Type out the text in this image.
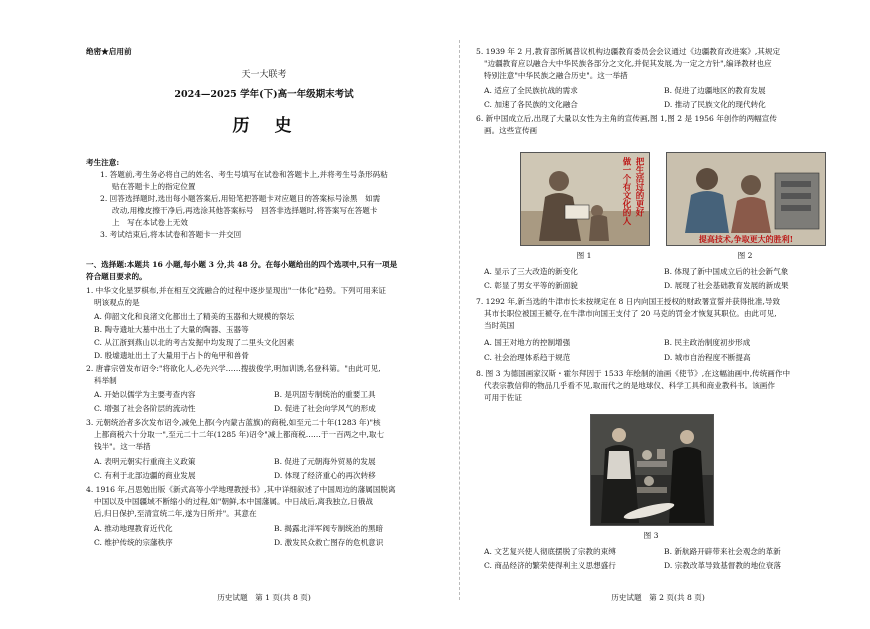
绝密★启用前
天一大联考
2024—2025 学年(下)高一年级期末考试
历　史
考生注意:
1. 答题前,考生务必将自己的姓名、考生号填写在试卷和答题卡上,并将考生号条形码粘
贴在答题卡上的指定位置
2. 回答选择题时,选出每小题答案后,用铅笔把答题卡对应题目的答案标号涂黑　如需
改动,用橡皮擦干净后,再选涂其他答案标号　回答非选择题时,将答案写在答题卡
上　写在本试卷上无效
3. 考试结束后,将本试卷和答题卡一并交回
一、选择题:本题共 16 小题,每小题 3 分,共 48 分。在每小题给出的四个选项中,只有一项是
符合题目要求的。
1. 中华文化星罗棋布,并在相互交流融合的过程中逐步显现出"一体化"趋势。下列可用来证
明该观点的是
A. 仰韶文化和良渚文化都出土了精美的玉器和大规模的祭坛
B. 陶寺遗址大墓中出土了大量的陶器、玉器等
C. 从江浙到燕山以北的考古发掘中均发现了二里头文化因素
D. 殷墟遗址出土了大量用于占卜的龟甲和兽骨
2. 唐睿宗曾发布诏令:"将欲化人,必先兴学……搜拔俊学,明加训诱,名登科第。"由此可见,
科举制
A. 开始以儒学为主要考查内容	B. 是巩固专制统治的重要工具
C. 增强了社会各阶层的流动性	D. 促进了社会向学风气的形成
3. 元朝统治者多次发布诏令,减免上都(今内蒙古蓝旗)的商税,如至元二十年(1283 年)"核
上都商税六十分取一",至元二十二年(1285 年)诏令"减上都商税……于一百两之中,取七
钱半"。这一举措
A. 表明元朝实行重商主义政策	B. 促进了元朝海外贸易的发展
C. 有利于北部边疆的商业发展	D. 体现了经济重心的再次转移
4. 1916 年,吕思勉出版《新式高等小学地理教授书》,其中详细叙述了中国周边的藩属国脱离
中国以及中国疆域不断缩小的过程,如"朝鲜,本中国藩属。中日战后,离我独立,日俄战
后,归日保护,至清宣统二年,遂为日所并"。其意在
A. 推动地理教育近代化	B. 揭露北洋军阀专制统治的黑暗
C. 维护传统的宗藩秩序	D. 激发民众救亡图存的危机意识
历史试题　第 1 页(共 8 页)
5. 1939 年 2 月,教育部所属普议机构边疆教育委员会会议通过《边疆教育改进案》,其规定
"边疆教育应以融合大中华民族各部分之文化,并促其发展,为一定之方针",编译教材也应
特别注意"中华民族之融合历史"。这一举措
A. 适应了全民族抗战的需求	B. 促进了边疆地区的教育发展
C. 加速了各民族的文化融合	D. 推动了民族文化的现代转化
6. 新中国成立后,出现了大量以女性为主角的宣传画,图 1,图 2 是 1956 年创作的两幅宣传
画。这些宣传画
把生活过的更好
做一个有文化的人
图 1
提高技术,争取更大的胜利!
图 2
A. 显示了三大改造的新变化	B. 体现了新中国成立后的社会新气象
C. 彰显了男女平等的新面貌	D. 展现了社会基础教育发展的新成果
7. 1292 年,新当选的牛津市长未按规定在 8 日内向国王授权的财政署宣誓并获得批准,导致
其市长职位被国王褫夺,在牛津市向国王支付了 20 马克的罚金才恢复其职位。由此可见,
当时英国
A. 国王对地方的控制增强	B. 民主政治制度初步形成
C. 社会治理体系趋于规范	D. 城市自治程度不断提高
8. 图 3 为德国画家汉斯・霍尔拜因于 1533 年绘制的油画《使节》,在这幅油画中,传统画作中
代表宗教信仰的物品几乎看不见,取而代之的是地球仪、科学工具和商业教科书。该画作
可用于佐证
图 3
A. 文艺复兴使人彻底摆脱了宗教的束缚	B. 新航路开辟带来社会观念的革新
C. 商品经济的繁荣使得利主义思想盛行	D. 宗教改革导致基督教的地位衰落
历史试题　第 2 页(共 8 页)
